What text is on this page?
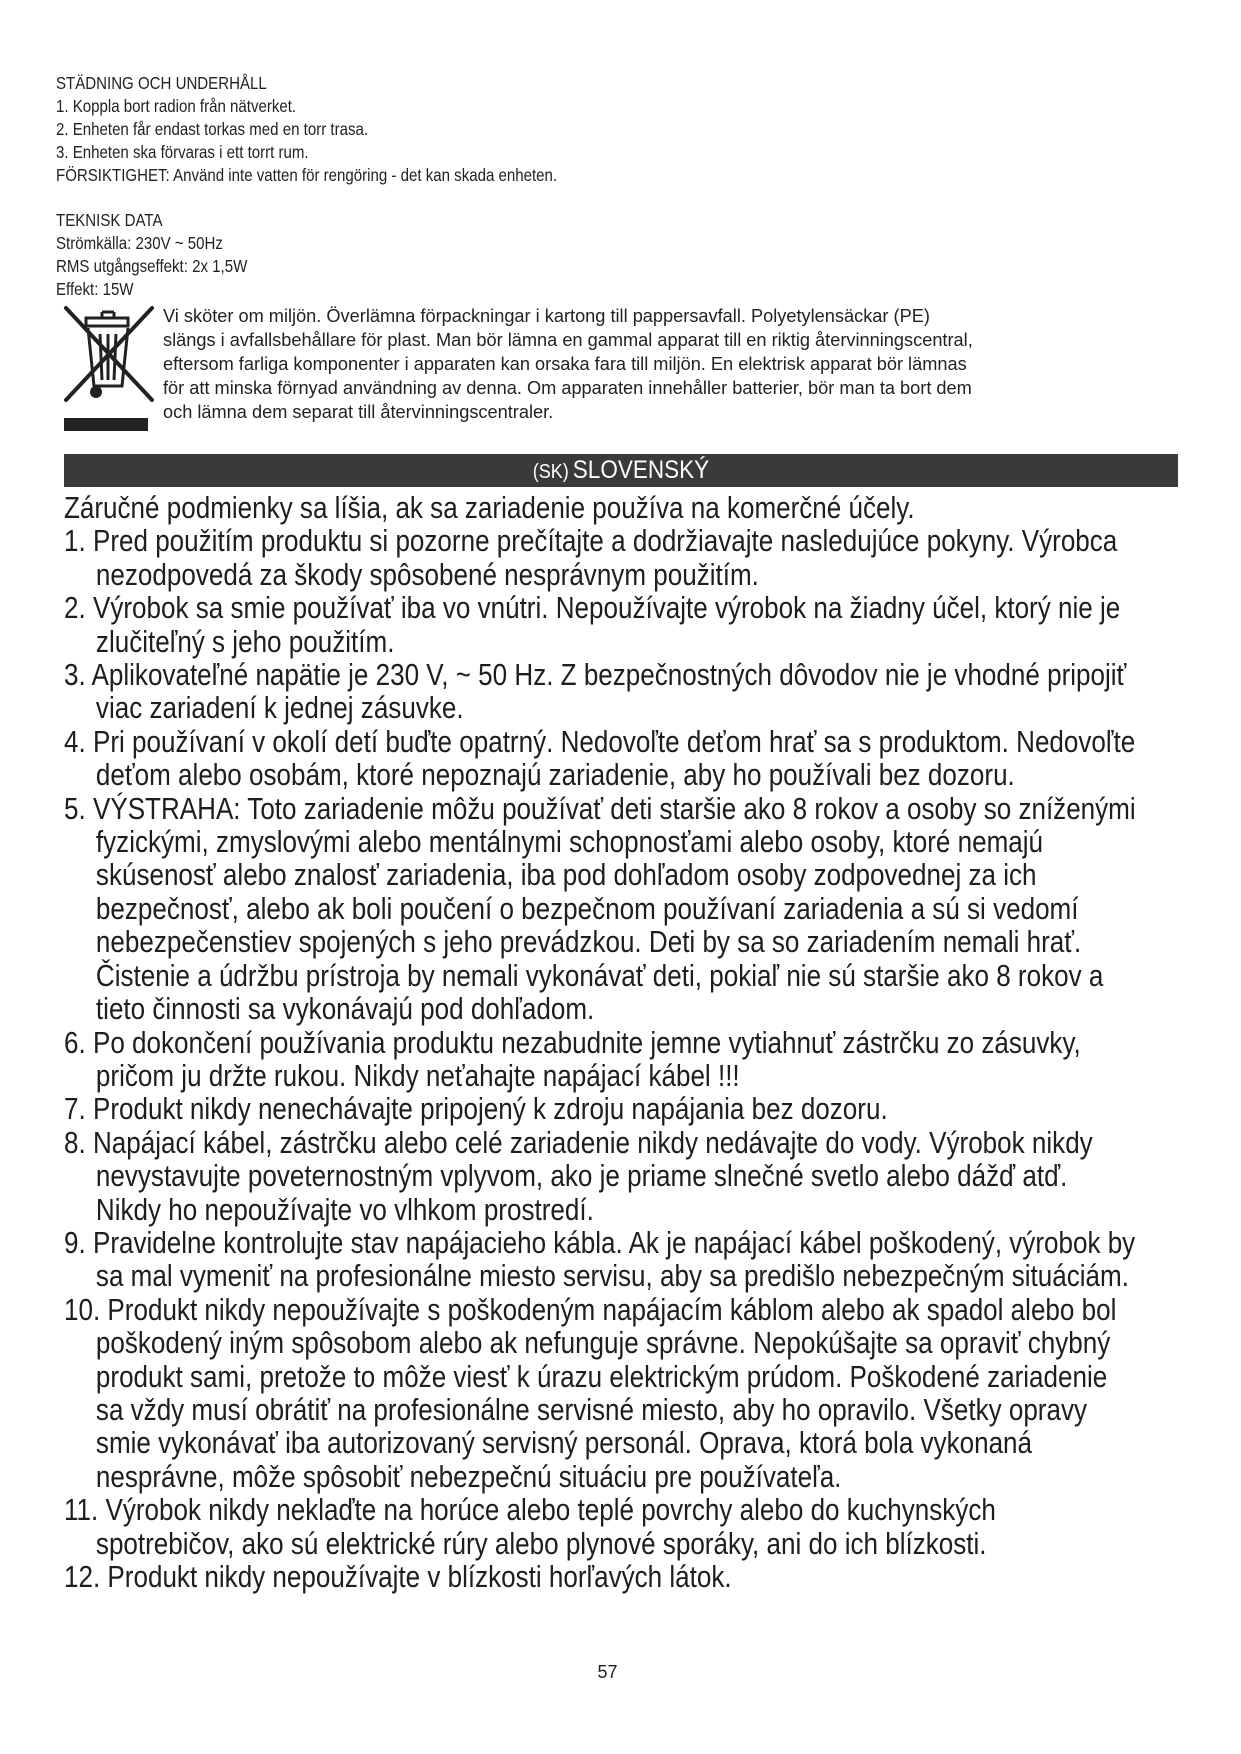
STÄDNING OCH UNDERHÅLL
1. Koppla bort radion från nätverket.
2. Enheten får endast torkas med en torr trasa.
3. Enheten ska förvaras i ett torrt rum.
FÖRSIKTIGHET: Använd inte vatten för rengöring - det kan skada enheten.
TEKNISK DATA
Strömkälla: 230V ~ 50Hz
RMS utgångseffekt: 2x 1,5W
Effekt: 15W
Vi sköter om miljön. Överlämna förpackningar i kartong till pappersavfall. Polyetylensäckar (PE)
slängs i avfallsbehållare för plast. Man bör lämna en gammal apparat till en riktig återvinningscentral,
eftersom farliga komponenter i apparaten kan orsaka fara till miljön. En elektrisk apparat bör lämnas
för att minska förnyad användning av denna. Om apparaten innehåller batterier, bör man ta bort dem
och lämna dem separat till återvinningscentraler.
(SK) SLOVENSKÝ
Záručné podmienky sa líšia, ak sa zariadenie používa na komerčné účely.
1. Pred použitím produktu si pozorne prečítajte a dodržiavajte nasledujúce pokyny. Výrobca
nezodpovedá za škody spôsobené nesprávnym použitím.
2. Výrobok sa smie používať iba vo vnútri. Nepoužívajte výrobok na žiadny účel, ktorý nie je
zlučiteľný s jeho použitím.
3. Aplikovateľné napätie je 230 V, ~ 50 Hz. Z bezpečnostných dôvodov nie je vhodné pripojiť
viac zariadení k jednej zásuvke.
4. Pri používaní v okolí detí buďte opatrný. Nedovoľte deťom hrať sa s produktom. Nedovoľte
deťom alebo osobám, ktoré nepoznajú zariadenie, aby ho používali bez dozoru.
5. VÝSTRAHA: Toto zariadenie môžu používať deti staršie ako 8 rokov a osoby so zníženými
fyzickými, zmyslovými alebo mentálnymi schopnosťami alebo osoby, ktoré nemajú
skúsenosť alebo znalosť zariadenia, iba pod dohľadom osoby zodpovednej za ich
bezpečnosť, alebo ak boli poučení o bezpečnom používaní zariadenia a sú si vedomí
nebezpečenstiev spojených s jeho prevádzkou. Deti by sa so zariadením nemali hrať.
Čistenie a údržbu prístroja by nemali vykonávať deti, pokiaľ nie sú staršie ako 8 rokov a
tieto činnosti sa vykonávajú pod dohľadom.
6. Po dokončení používania produktu nezabudnite jemne vytiahnuť zástrčku zo zásuvky,
pričom ju držte rukou. Nikdy neťahajte napájací kábel !!!
7. Produkt nikdy nenechávajte pripojený k zdroju napájania bez dozoru.
8. Napájací kábel, zástrčku alebo celé zariadenie nikdy nedávajte do vody. Výrobok nikdy
nevystavujte poveternostným vplyvom, ako je priame slnečné svetlo alebo dážď atď.
Nikdy ho nepoužívajte vo vlhkom prostredí.
9. Pravidelne kontrolujte stav napájacieho kábla. Ak je napájací kábel poškodený, výrobok by
sa mal vymeniť na profesionálne miesto servisu, aby sa predišlo nebezpečným situáciám.
10. Produkt nikdy nepoužívajte s poškodeným napájacím káblom alebo ak spadol alebo bol
poškodený iným spôsobom alebo ak nefunguje správne. Nepokúšajte sa opraviť chybný
produkt sami, pretože to môže viesť k úrazu elektrickým prúdom. Poškodené zariadenie
sa vždy musí obrátiť na profesionálne servisné miesto, aby ho opravilo. Všetky opravy
smie vykonávať iba autorizovaný servisný personál. Oprava, ktorá bola vykonaná
nesprávne, môže spôsobiť nebezpečnú situáciu pre používateľa.
11. Výrobok nikdy neklaďte na horúce alebo teplé povrchy alebo do kuchynských
spotrebičov, ako sú elektrické rúry alebo plynové sporáky, ani do ich blízkosti.
12. Produkt nikdy nepoužívajte v blízkosti horľavých látok.
57
